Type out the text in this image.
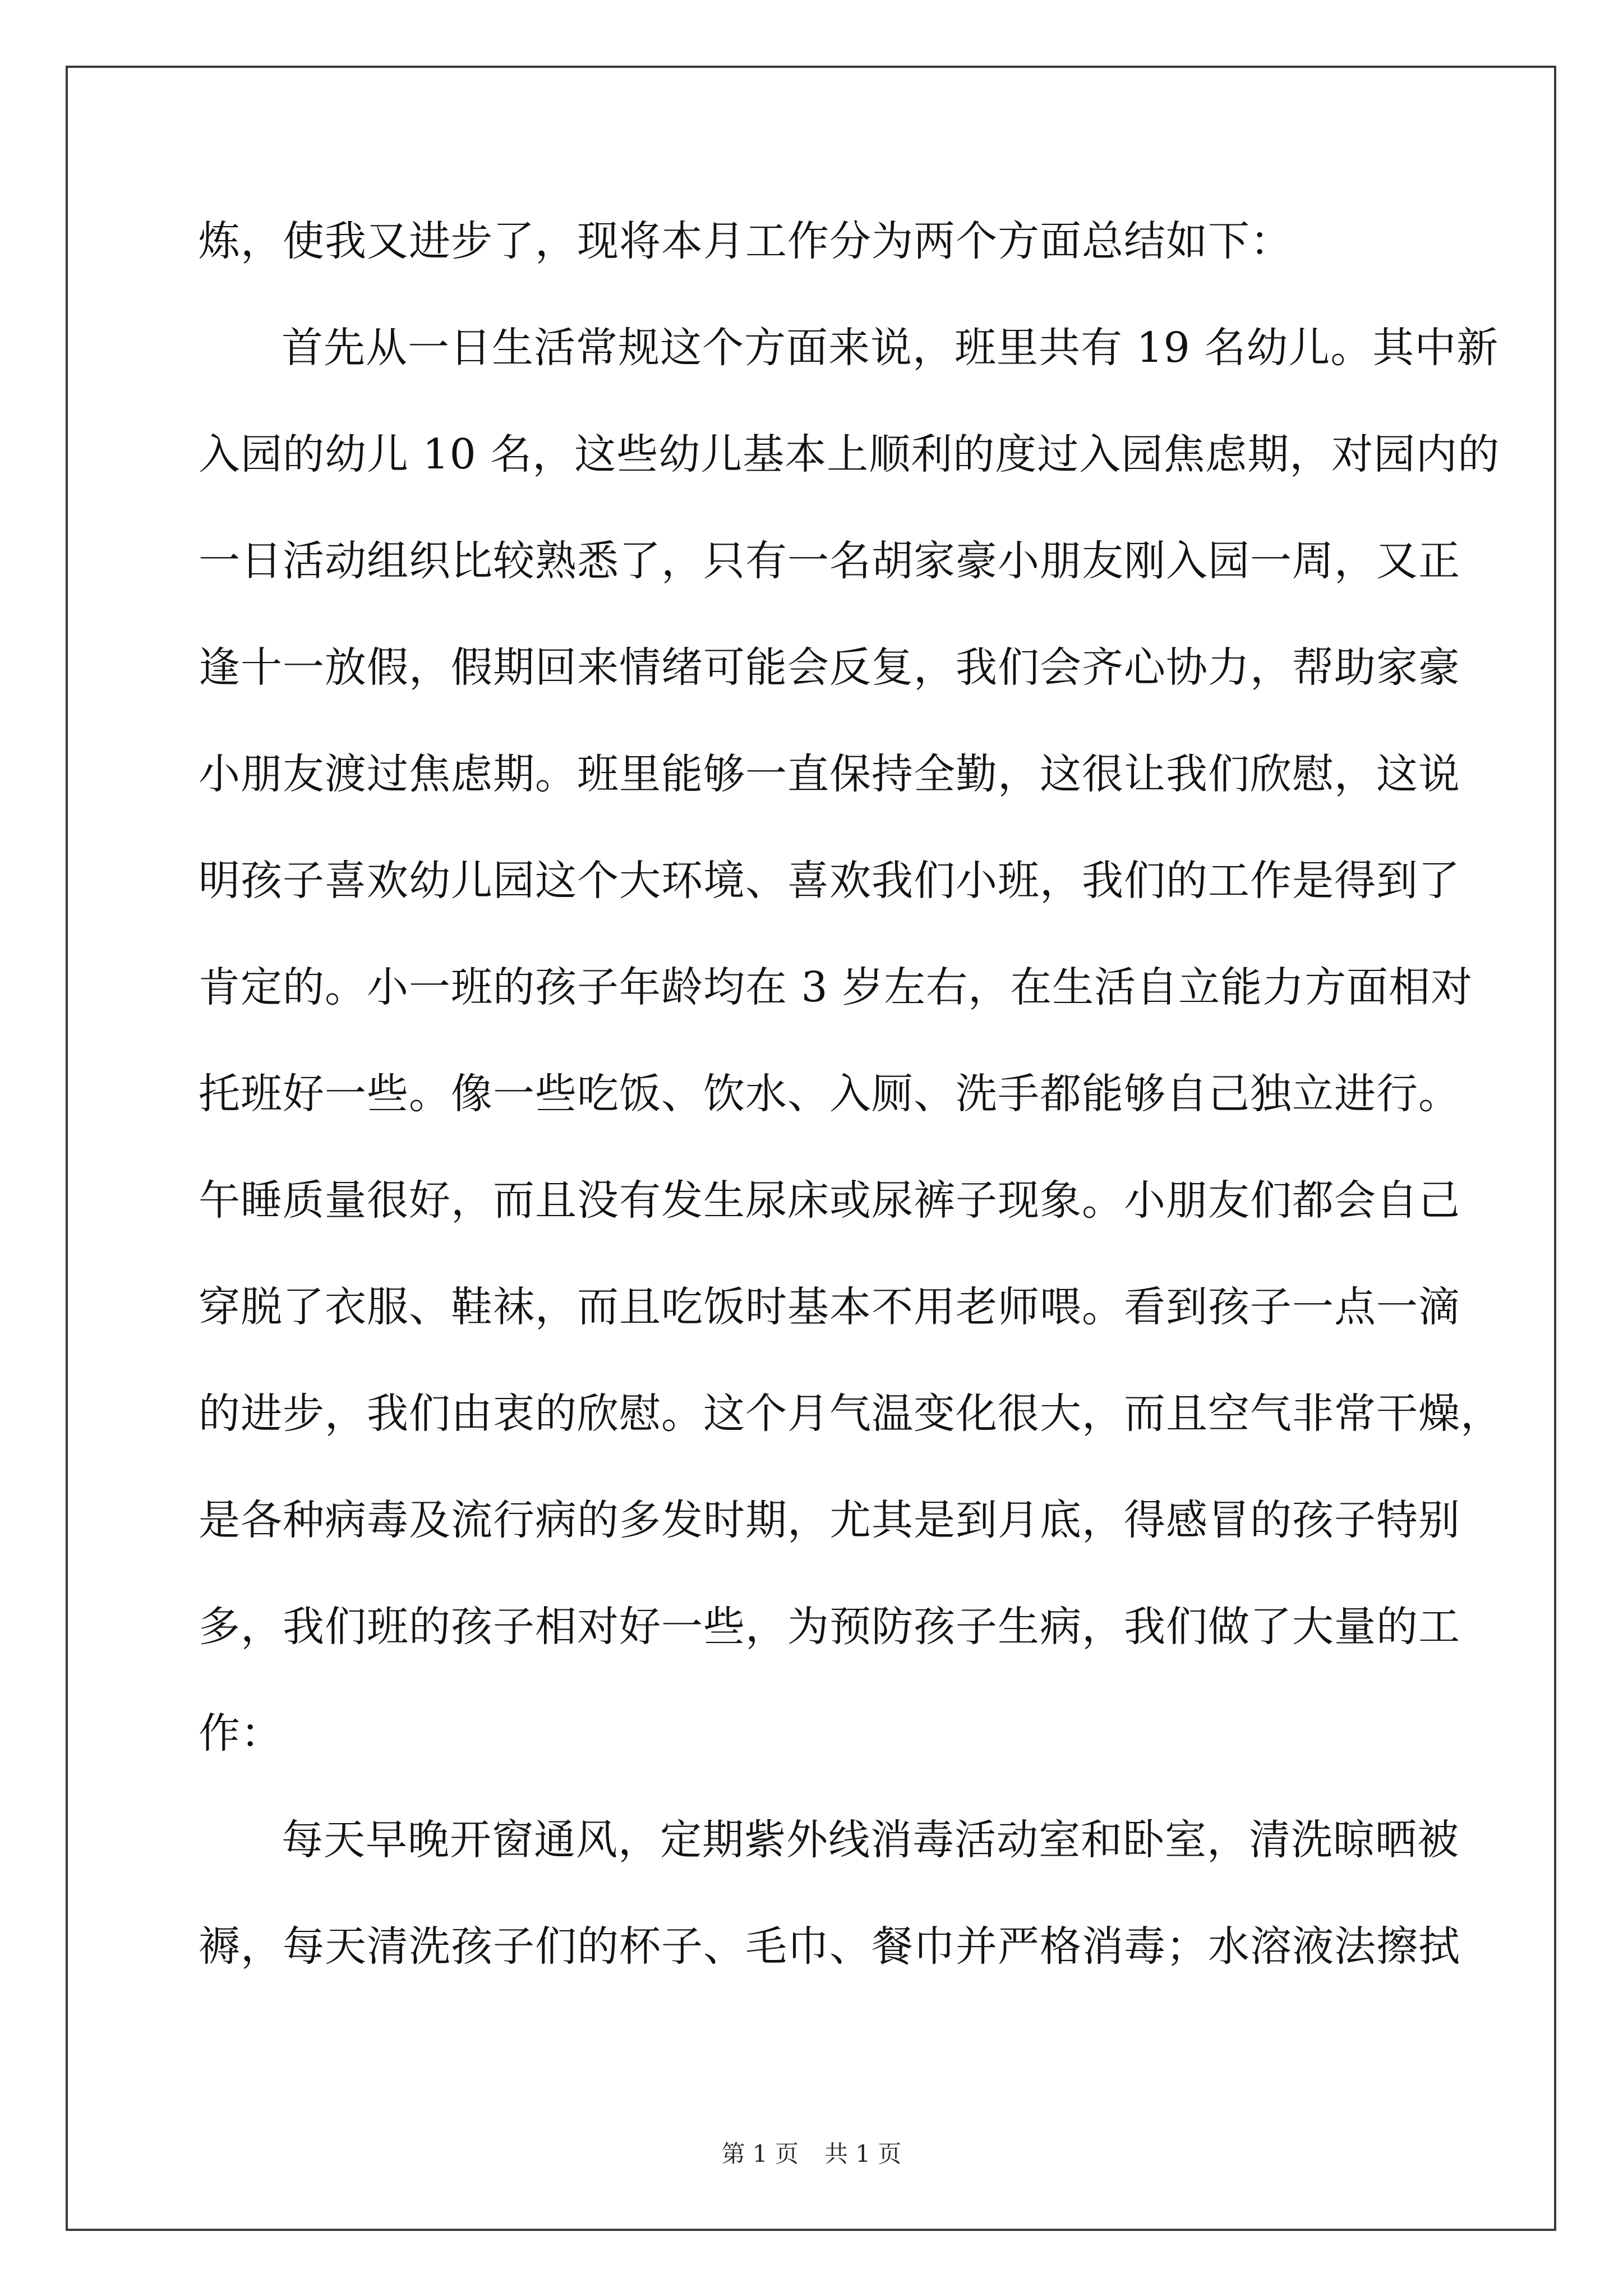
炼，使我又进步了，现将本月工作分为两个方面总结如下：
首先从一日生活常规这个方面来说，班里共有 19 名幼儿。其中新
入园的幼儿 10 名，这些幼儿基本上顺利的度过入园焦虑期，对园内的
一日活动组织比较熟悉了，只有一名胡家豪小朋友刚入园一周，又正
逢十一放假，假期回来情绪可能会反复，我们会齐心协力，帮助家豪
小朋友渡过焦虑期。班里能够一直保持全勤，这很让我们欣慰，这说
明孩子喜欢幼儿园这个大环境、喜欢我们小班，我们的工作是得到了
肯定的。小一班的孩子年龄均在 3 岁左右，在生活自立能力方面相对
托班好一些。像一些吃饭、饮水、入厕、洗手都能够自己独立进行。
午睡质量很好，而且没有发生尿床或尿裤子现象。小朋友们都会自己
穿脱了衣服、鞋袜，而且吃饭时基本不用老师喂。看到孩子一点一滴
的进步，我们由衷的欣慰。这个月气温变化很大，而且空气非常干燥，
是各种病毒及流行病的多发时期，尤其是到月底，得感冒的孩子特别
多，我们班的孩子相对好一些，为预防孩子生病，我们做了大量的工
作：
每天早晚开窗通风，定期紫外线消毒活动室和卧室，清洗晾晒被
褥，每天清洗孩子们的杯子、毛巾、餐巾并严格消毒；水溶液法擦拭
第 1 页 共 1 页
